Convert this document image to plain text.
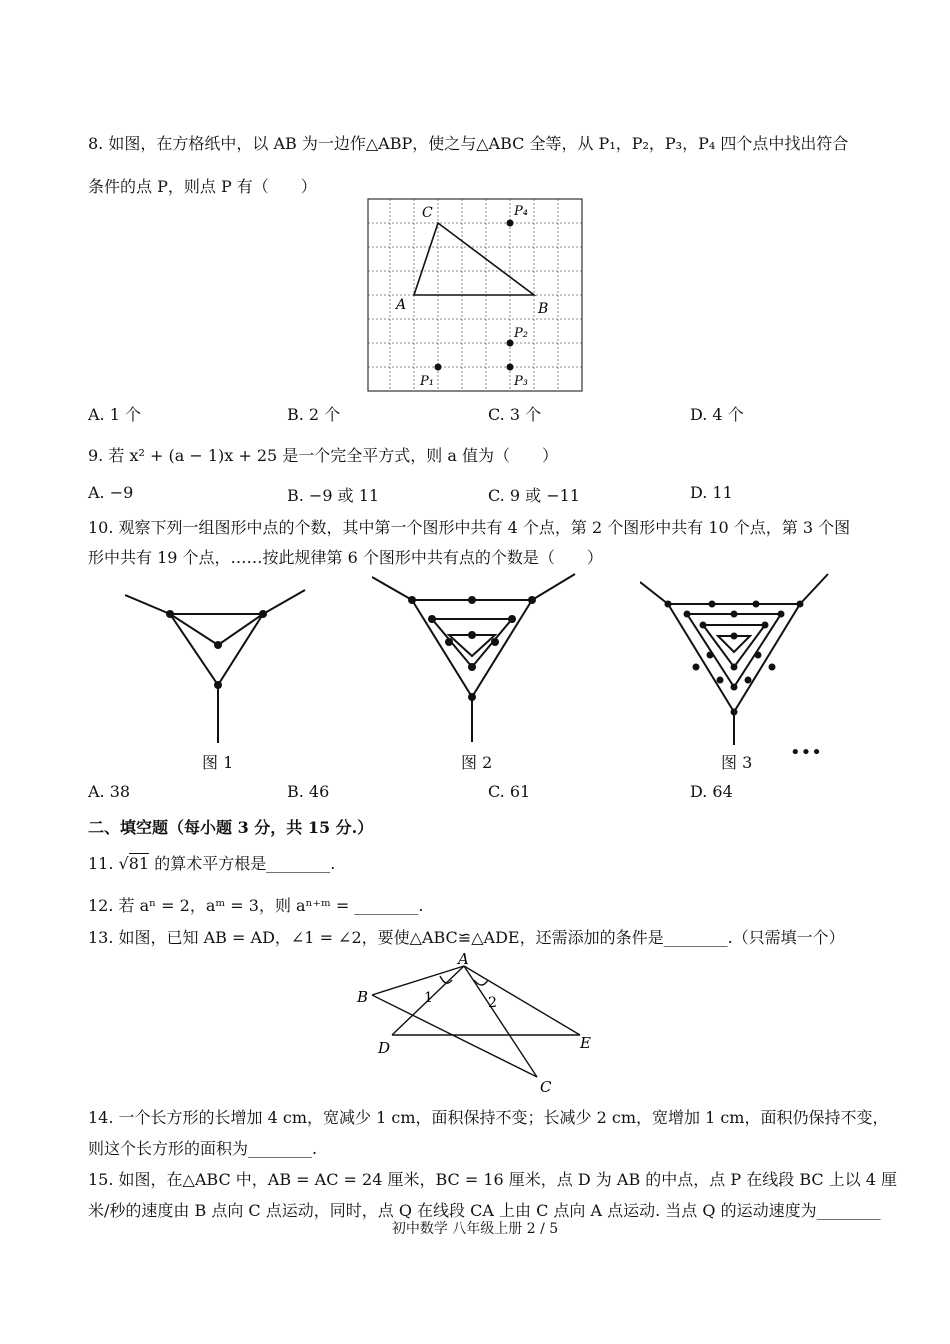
8. 如图，在方格纸中，以 AB 为一边作△ABP，使之与△ABC 全等，从 P₁，P₂，P₃，P₄ 四个点中找出符合
条件的点 P，则点 P 有（　　）
C
A	B
P₄
P₂
P₁	P₃
A. 1 个	B. 2 个	C. 3 个	D. 4 个
9. 若 x² + (a − 1)x + 25 是一个完全平方式，则 a 值为（　　）
A. −9	B. −9 或 11	C. 9 或 −11	D. 11
10. 观察下列一组图形中点的个数，其中第一个图形中共有 4 个点，第 2 个图形中共有 10 个点，第 3 个图
形中共有 19 个点，……按此规律第 6 个图形中共有点的个数是（　　）
图 1	图 2	•••
图 3
A. 38	B. 46	C. 61	D. 64
二、填空题（每小题 3 分，共 15 分.）
11. √81 的算术平方根是________.
12. 若 aⁿ = 2，aᵐ = 3，则 aⁿ⁺ᵐ = ________.
13. 如图，已知 AB = AD，∠1 = ∠2，要使△ABC≌△ADE，还需添加的条件是________.（只需填一个）
A
B
D	E
C
1	2
14. 一个长方形的长增加 4 cm，宽减少 1 cm，面积保持不变；长减少 2 cm，宽增加 1 cm，面积仍保持不变，
则这个长方形的面积为________.
15. 如图，在△ABC 中，AB = AC = 24 厘米，BC = 16 厘米，点 D 为 AB 的中点，点 P 在线段 BC 上以 4 厘
米/秒的速度由 B 点向 C 点运动，同时，点 Q 在线段 CA 上由 C 点向 A 点运动. 当点 Q 的运动速度为________
初中数学 八年级上册 2 / 5
